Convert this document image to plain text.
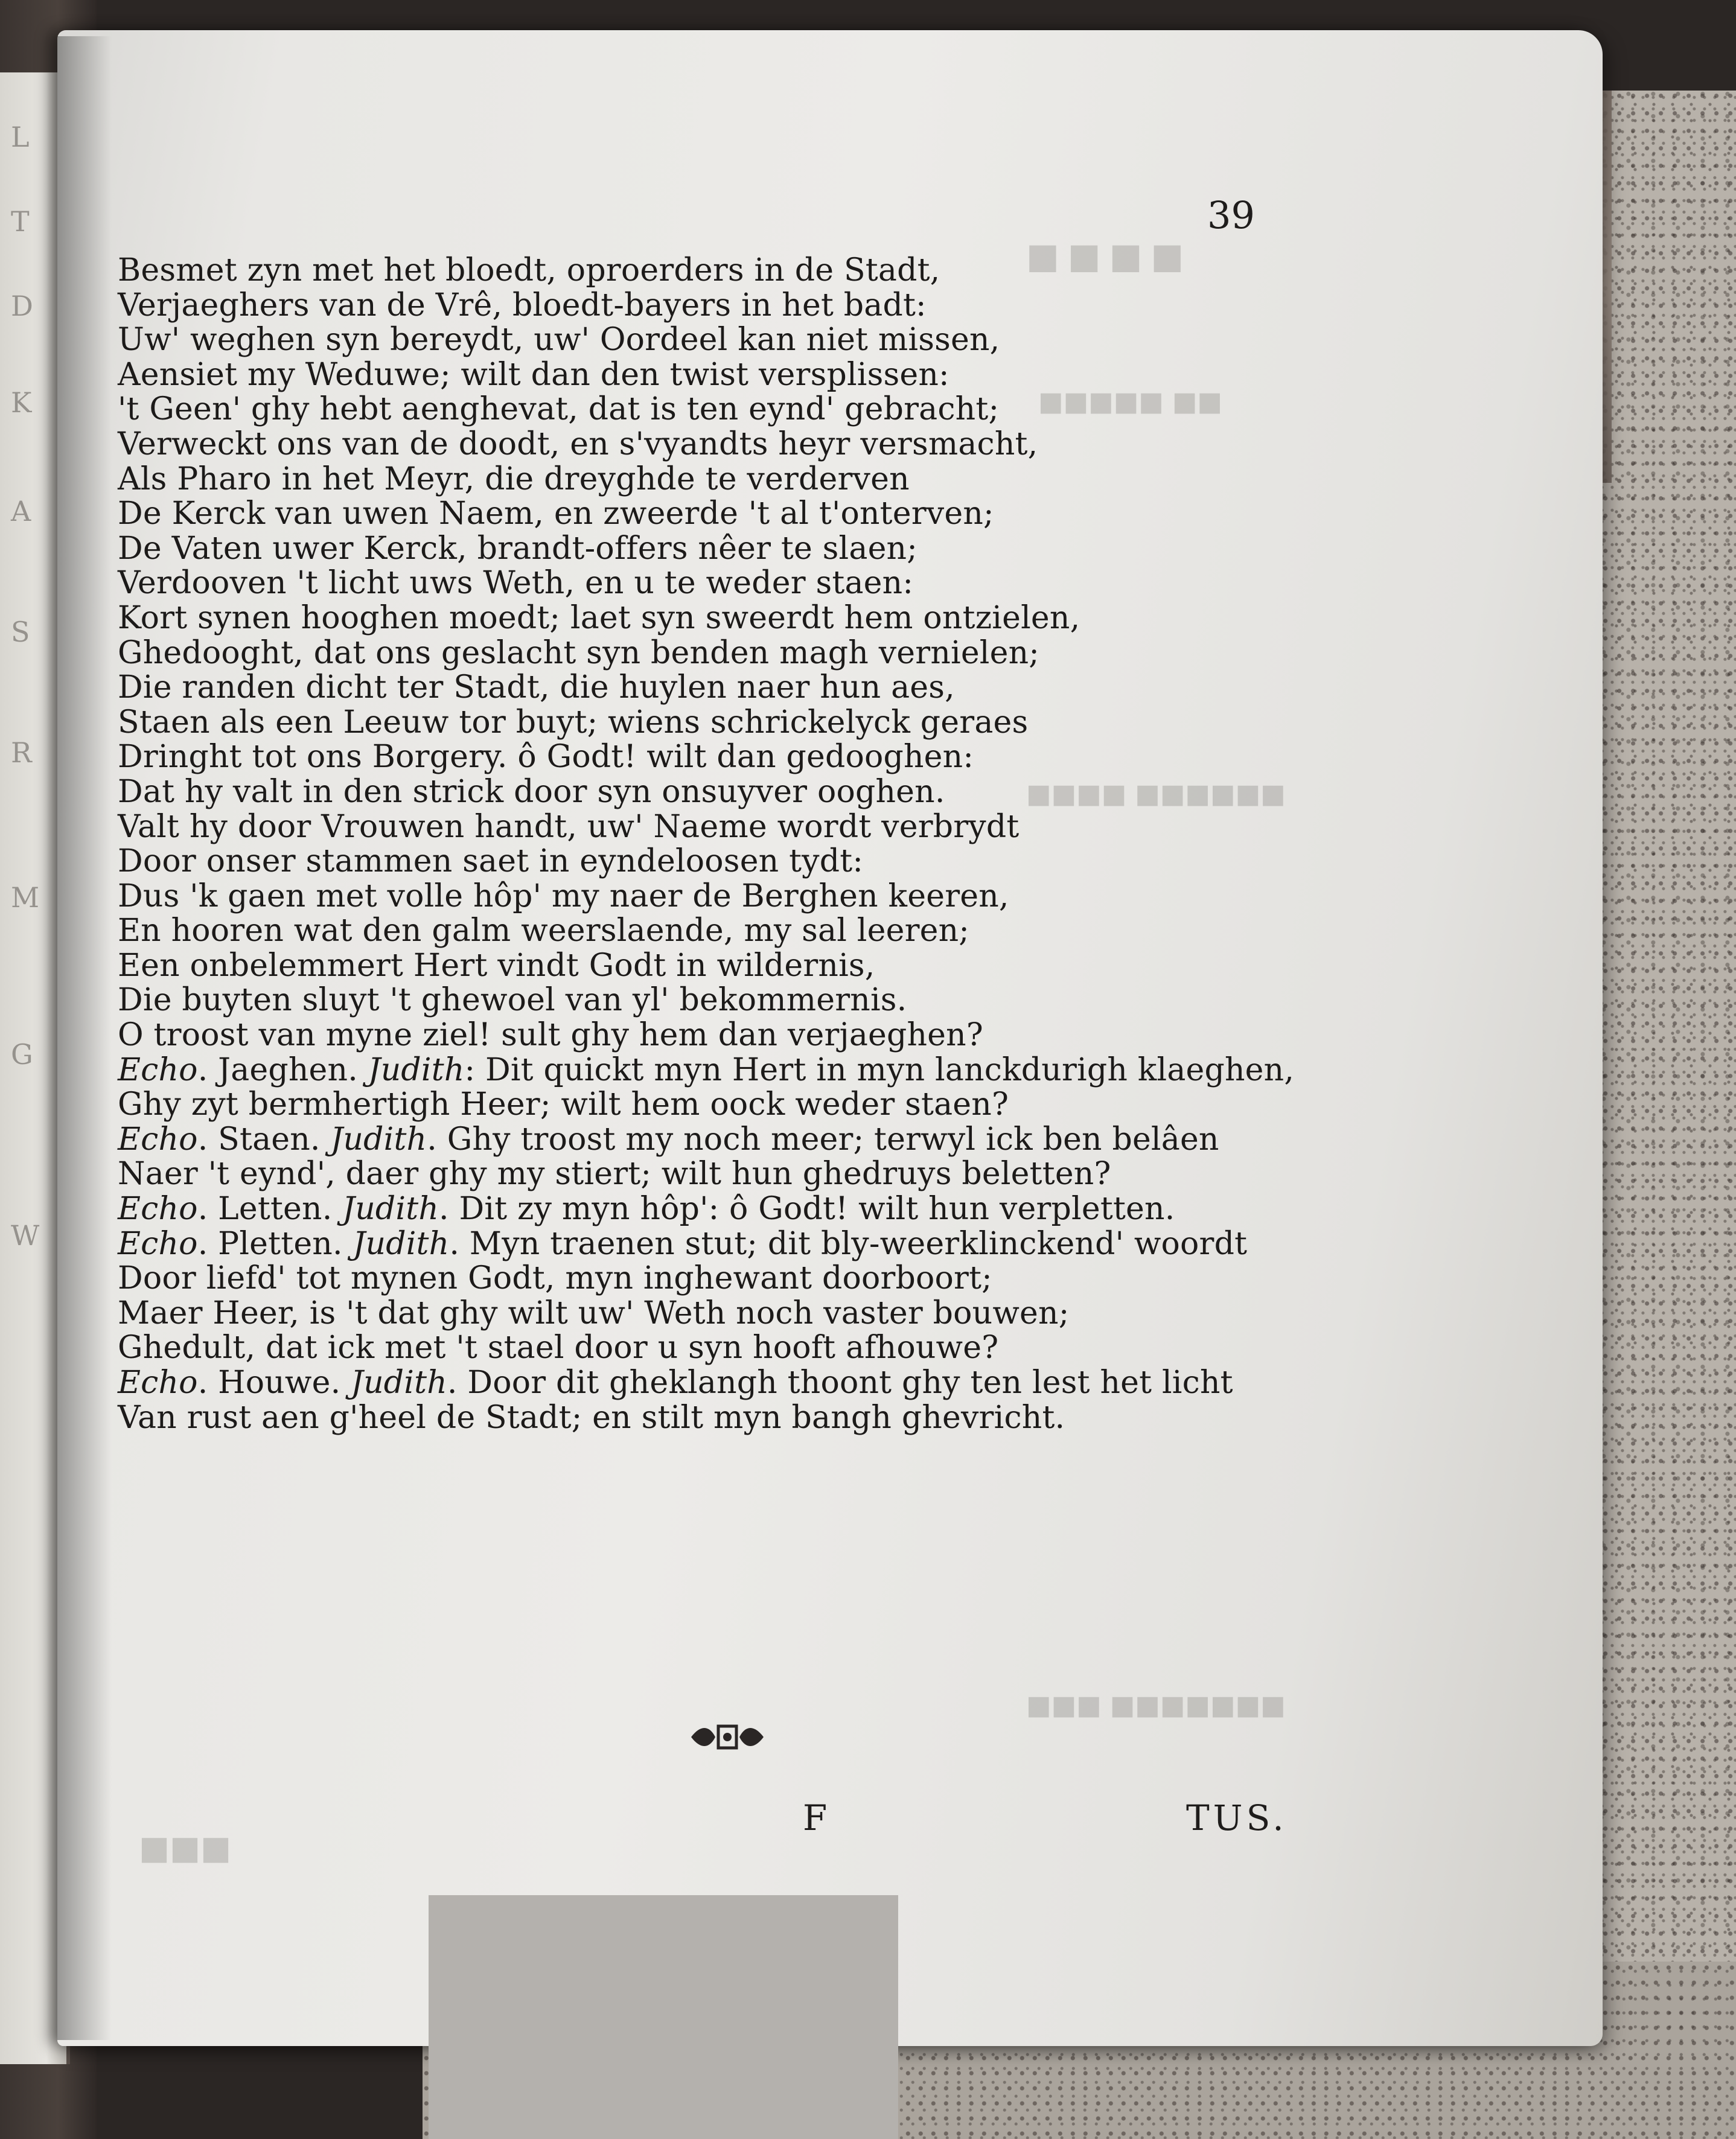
L
T
D
K
A
S
R
M
G
W
■■■■
■■■■■ ■■
■■■■ ■■■■■■
■■■ ■■■■■■■
■■■
39
Besmet zyn met het bloedt, oproerders in de Stadt,
Verjaeghers van de Vrê, bloedt-bayers in het badt:
Uw' weghen syn bereydt, uw' Oordeel kan niet missen,
Aensiet my Weduwe; wilt dan den twist versplissen:
't Geen' ghy hebt aenghevat, dat is ten eynd' gebracht;
Verweckt ons van de doodt, en s'vyandts heyr versmacht,
Als Pharo in het Meyr, die dreyghde te verderven
De Kerck van uwen Naem, en zweerde 't al t'onterven;
De Vaten uwer Kerck, brandt-offers nêer te slaen;
Verdooven 't licht uws Weth, en u te weder staen:
Kort synen hooghen moedt; laet syn sweerdt hem ontzielen,
Ghedooght, dat ons geslacht syn benden magh vernielen;
Die randen dicht ter Stadt, die huylen naer hun aes,
Staen als een Leeuw tor buyt; wiens schrickelyck geraes
Dringht tot ons Borgery. ô Godt! wilt dan gedooghen:
Dat hy valt in den strick door syn onsuyver ooghen.
Valt hy door Vrouwen handt, uw' Naeme wordt verbrydt
Door onser stammen saet in eyndeloosen tydt:
Dus 'k gaen met volle hôp' my naer de Berghen keeren,
En hooren wat den galm weerslaende, my sal leeren;
Een onbelemmert Hert vindt Godt in wildernis,
Die buyten sluyt 't ghewoel van yl' bekommernis.
O troost van myne ziel! sult ghy hem dan verjaeghen?
Echo. Jaeghen. Judith: Dit quickt myn Hert in myn lanckdurigh klaeghen,
Ghy zyt bermhertigh Heer; wilt hem oock weder staen?
Echo. Staen. Judith. Ghy troost my noch meer; terwyl ick ben belâen
Naer 't eynd', daer ghy my stiert; wilt hun ghedruys beletten?
Echo. Letten. Judith. Dit zy myn hôp': ô Godt! wilt hun verpletten.
Echo. Pletten. Judith. Myn traenen stut; dit bly-weerklinckend' woordt
Door liefd' tot mynen Godt, myn inghewant doorboort;
Maer Heer, is 't dat ghy wilt uw' Weth noch vaster bouwen;
Ghedult, dat ick met 't stael door u syn hooft afhouwe?
Echo. Houwe. Judith. Door dit gheklangh thoont ghy ten lest het licht
Van rust aen g'heel de Stadt; en stilt myn bangh ghevricht.
F	TUS.
